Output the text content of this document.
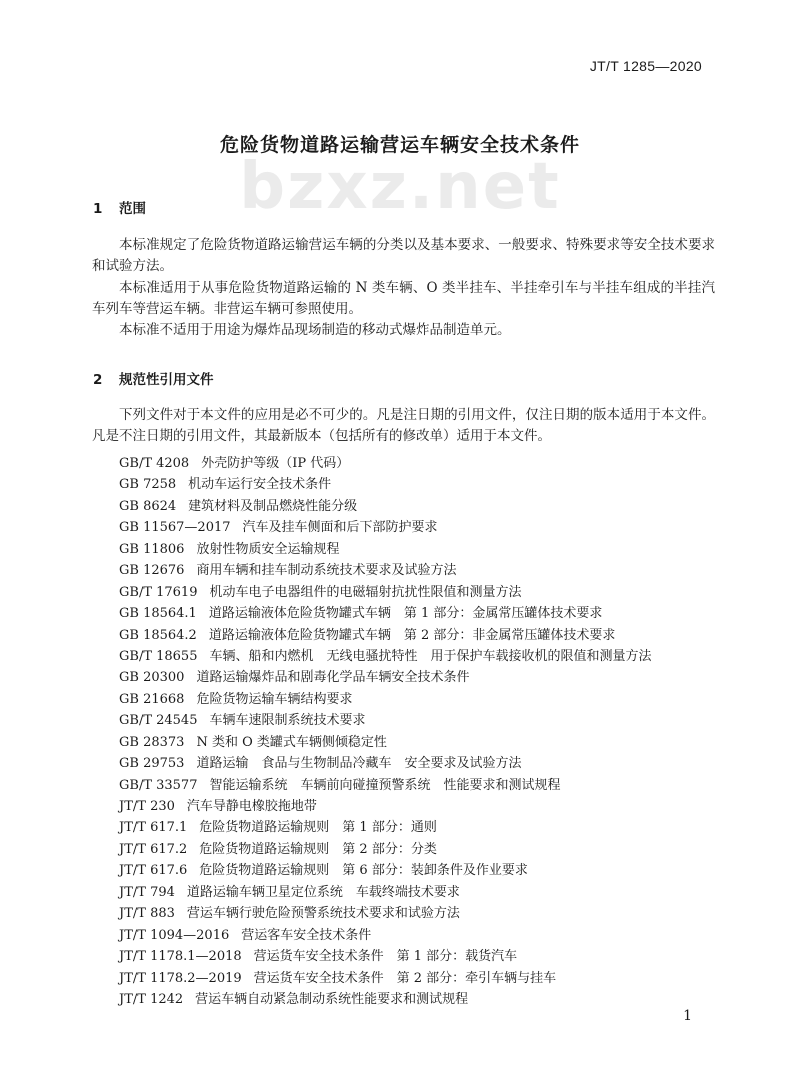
JT/T 1285—2020
bzxz.net
危险货物道路运输营运车辆安全技术条件
1 范围

本标准规定了危险货物道路运输营运车辆的分类以及基本要求、一般要求、特殊要求等安全技术要求和试验方法。

本标准适用于从事危险货物道路运输的 N 类车辆、O 类半挂车、半挂牵引车与半挂车组成的半挂汽车列车等营运车辆。非营运车辆可参照使用。

本标准不适用于用途为爆炸品现场制造的移动式爆炸品制造单元。

2 规范性引用文件

下列文件对于本文件的应用是必不可少的。凡是注日期的引用文件，仅注日期的版本适用于本文件。凡是不注日期的引用文件，其最新版本（包括所有的修改单）适用于本文件。

GB/T 4208 外壳防护等级（IP 代码）
GB 7258 机动车运行安全技术条件
GB 8624 建筑材料及制品燃烧性能分级
GB 11567—2017 汽车及挂车侧面和后下部防护要求
GB 11806 放射性物质安全运输规程
GB 12676 商用车辆和挂车制动系统技术要求及试验方法
GB/T 17619 机动车电子电器组件的电磁辐射抗扰性限值和测量方法
GB 18564.1 道路运输液体危险货物罐式车辆　第 1 部分：金属常压罐体技术要求
GB 18564.2 道路运输液体危险货物罐式车辆　第 2 部分：非金属常压罐体技术要求
GB/T 18655 车辆、船和内燃机　无线电骚扰特性　用于保护车载接收机的限值和测量方法
GB 20300 道路运输爆炸品和剧毒化学品车辆安全技术条件
GB 21668 危险货物运输车辆结构要求
GB/T 24545 车辆车速限制系统技术要求
GB 28373 N 类和 O 类罐式车辆侧倾稳定性
GB 29753 道路运输　食品与生物制品冷藏车　安全要求及试验方法
GB/T 33577 智能运输系统　车辆前向碰撞预警系统　性能要求和测试规程
JT/T 230 汽车导静电橡胶拖地带
JT/T 617.1 危险货物道路运输规则　第 1 部分：通则
JT/T 617.2 危险货物道路运输规则　第 2 部分：分类
JT/T 617.6 危险货物道路运输规则　第 6 部分：装卸条件及作业要求
JT/T 794 道路运输车辆卫星定位系统　车载终端技术要求
JT/T 883 营运车辆行驶危险预警系统技术要求和试验方法
JT/T 1094—2016 营运客车安全技术条件
JT/T 1178.1—2018 营运货车安全技术条件　第 1 部分：载货汽车
JT/T 1178.2—2019 营运货车安全技术条件　第 2 部分：牵引车辆与挂车
JT/T 1242 营运车辆自动紧急制动系统性能要求和测试规程
1
